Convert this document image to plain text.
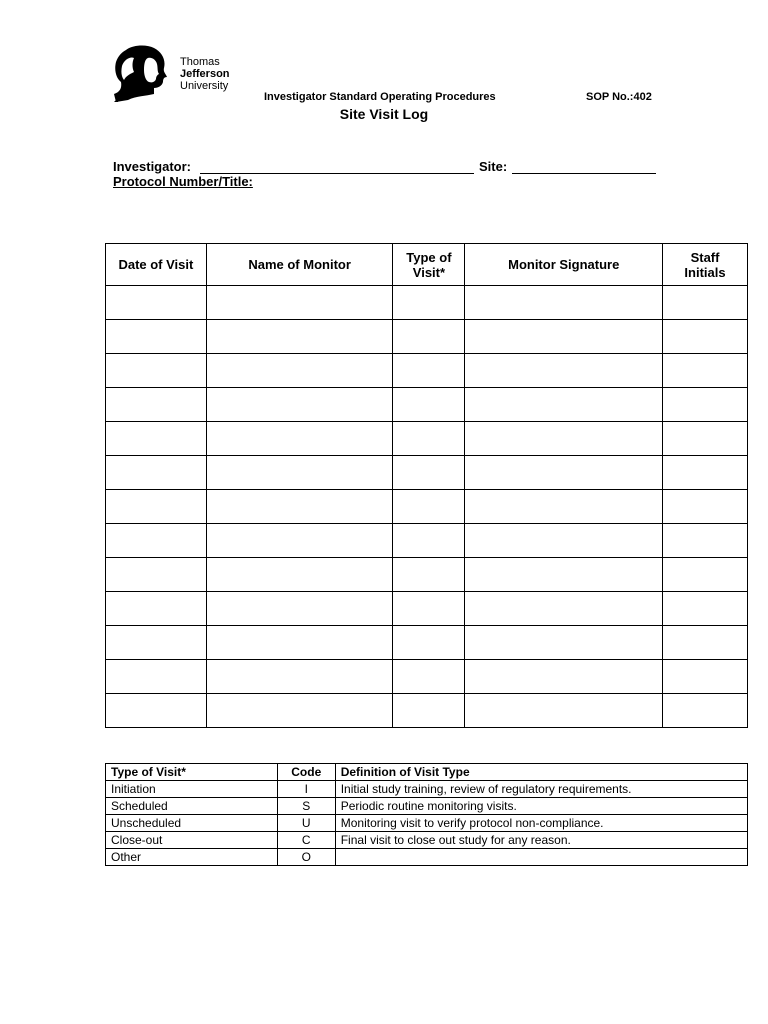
Thomas
Jefferson
University
Investigator Standard Operating Procedures	SOP No.:402
Site Visit Log
Investigator:	Site:
Protocol Number/Title:
Date of Visit	Name of Monitor	Type of Visit*	Monitor Signature	Staff Initials

Type of Visit*	Code	Definition of Visit Type
Initiation	I	Initial study training, review of regulatory requirements.
Scheduled	S	Periodic routine monitoring visits.
Unscheduled	U	Monitoring visit to verify protocol non-compliance.
Close-out	C	Final visit to close out study for any reason.
Other	O	
